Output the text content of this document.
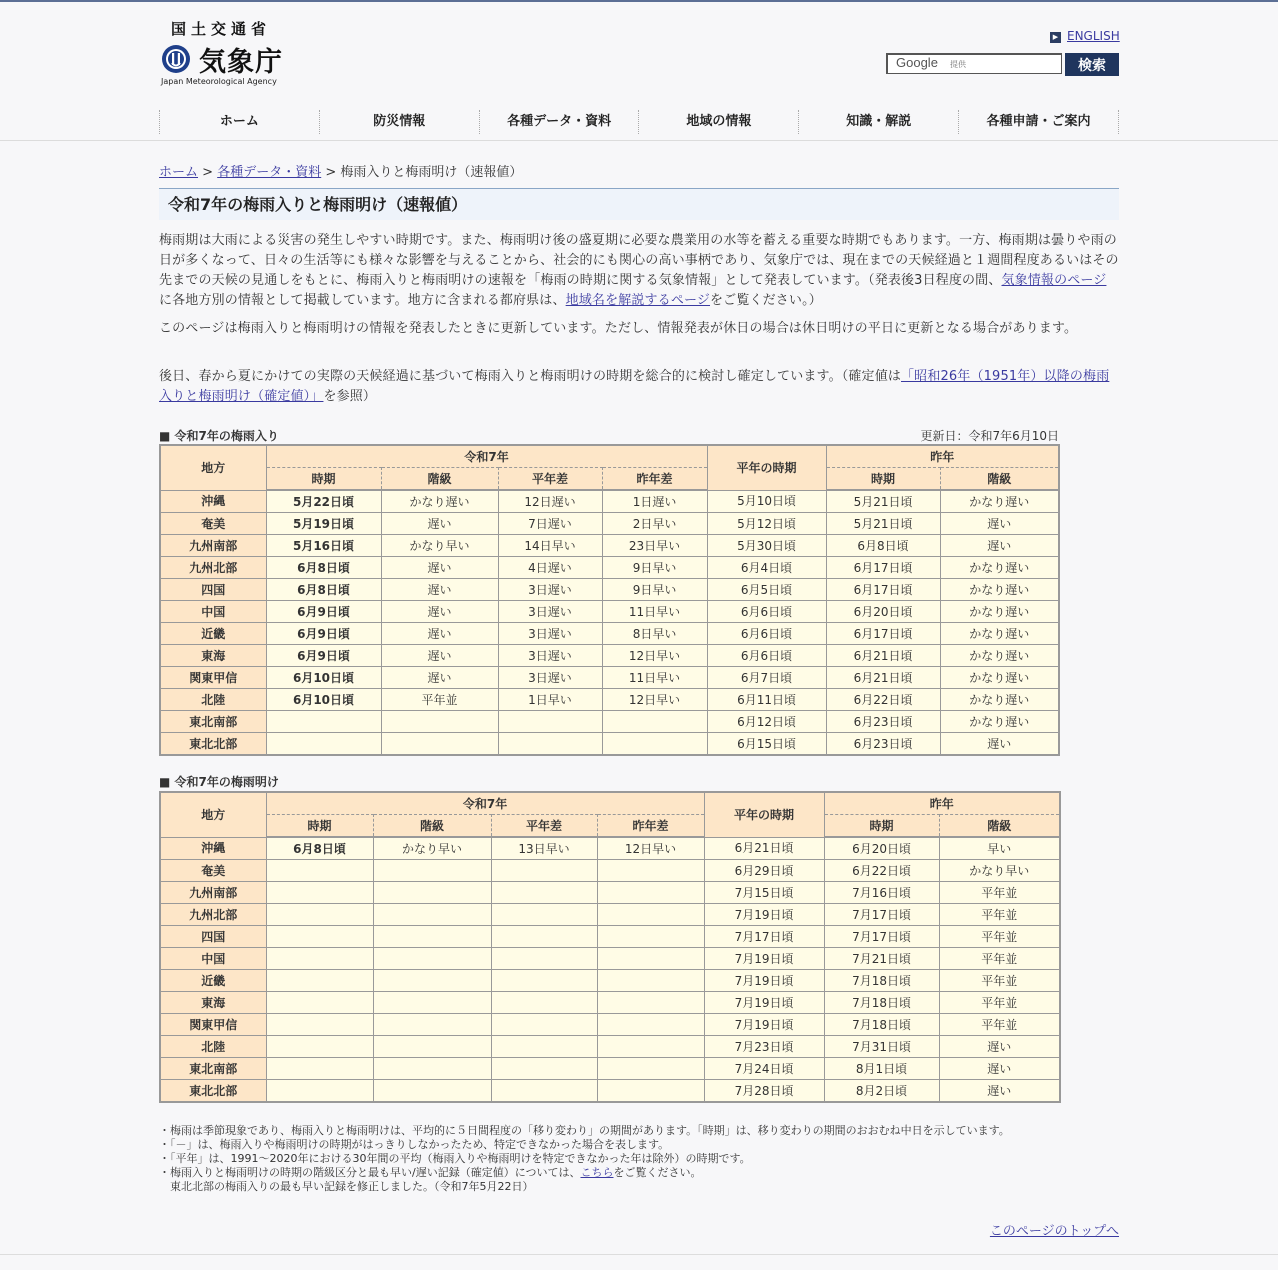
国土交通省
気象庁
Japan Meteorological Agency
▶ ENGLISH
提供
Google	検索
ホーム	防災情報	各種データ・資料	地域の情報	知識・解説	各種申請・ご案内
ホーム > 各種データ・資料 > 梅雨入りと梅雨明け（速報値）
令和7年の梅雨入りと梅雨明け（速報値）

梅雨期は大雨による災害の発生しやすい時期です。また、梅雨明け後の盛夏期に必要な農業用の水等を蓄える重要な時期でもあります。一方、梅雨期は曇りや雨の日が多くなって、日々の生活等にも様々な影響を与えることから、社会的にも関心の高い事柄であり、気象庁では、現在までの天候経過と１週間程度あるいはその先までの天候の見通しをもとに、梅雨入りと梅雨明けの速報を「梅雨の時期に関する気象情報」として発表しています。（発表後3日程度の間、気象情報のページに各地方別の情報として掲載しています。地方に含まれる都府県は、地域名を解説するページをご覧ください。）

このページは梅雨入りと梅雨明けの情報を発表したときに更新しています。ただし、情報発表が休日の場合は休日明けの平日に更新となる場合があります。

後日、春から夏にかけての実際の天候経過に基づいて梅雨入りと梅雨明けの時期を総合的に検討し確定しています。（確定値は「昭和26年（1951年）以降の梅雨入りと梅雨明け（確定値）」を参照）

■ 令和7年の梅雨入り	更新日：令和7年6月10日
地方	令和7年				平年の時期	昨年	
	時期	階級	平年差	昨年差		時期	階級
沖縄	5月22日頃	かなり遅い	12日遅い	1日遅い	5月10日頃	5月21日頃	かなり遅い
奄美	5月19日頃	遅い	7日遅い	2日早い	5月12日頃	5月21日頃	遅い
九州南部	5月16日頃	かなり早い	14日早い	23日早い	5月30日頃	6月8日頃	遅い
九州北部	6月8日頃	遅い	4日遅い	9日早い	6月4日頃	6月17日頃	かなり遅い
四国	6月8日頃	遅い	3日遅い	9日早い	6月5日頃	6月17日頃	かなり遅い
中国	6月9日頃	遅い	3日遅い	11日早い	6月6日頃	6月20日頃	かなり遅い
近畿	6月9日頃	遅い	3日遅い	8日早い	6月6日頃	6月17日頃	かなり遅い
東海	6月9日頃	遅い	3日遅い	12日早い	6月6日頃	6月21日頃	かなり遅い
関東甲信	6月10日頃	遅い	3日遅い	11日早い	6月7日頃	6月21日頃	かなり遅い
北陸	6月10日頃	平年並	1日早い	12日早い	6月11日頃	6月22日頃	かなり遅い
東北南部					6月12日頃	6月23日頃	かなり遅い
東北北部					6月15日頃	6月23日頃	遅い
■ 令和7年の梅雨明け
地方	令和7年				平年の時期	昨年	
	時期	階級	平年差	昨年差		時期	階級
沖縄	6月8日頃	かなり早い	13日早い	12日早い	6月21日頃	6月20日頃	早い
奄美					6月29日頃	6月22日頃	かなり早い
九州南部					7月15日頃	7月16日頃	平年並
九州北部					7月19日頃	7月17日頃	平年並
四国					7月17日頃	7月17日頃	平年並
中国					7月19日頃	7月21日頃	平年並
近畿					7月19日頃	7月18日頃	平年並
東海					7月19日頃	7月18日頃	平年並
関東甲信					7月19日頃	7月18日頃	平年並
北陸					7月23日頃	7月31日頃	遅い
東北南部					7月24日頃	8月1日頃	遅い
東北北部					7月28日頃	8月2日頃	遅い
・梅雨は季節現象であり、梅雨入りと梅雨明けは、平均的に５日間程度の「移り変わり」の期間があります。「時期」は、移り変わりの期間のおおむね中日を示しています。
・「－」は、梅雨入りや梅雨明けの時期がはっきりしなかったため、特定できなかった場合を表します。
・「平年」は、1991～2020年における30年間の平均（梅雨入りや梅雨明けを特定できなかった年は除外）の時期です。
・梅雨入りと梅雨明けの時期の階級区分と最も早い/遅い記録（確定値）については、こちらをご覧ください。
　東北北部の梅雨入りの最も早い記録を修正しました。（令和7年5月22日）
このページのトップへ
